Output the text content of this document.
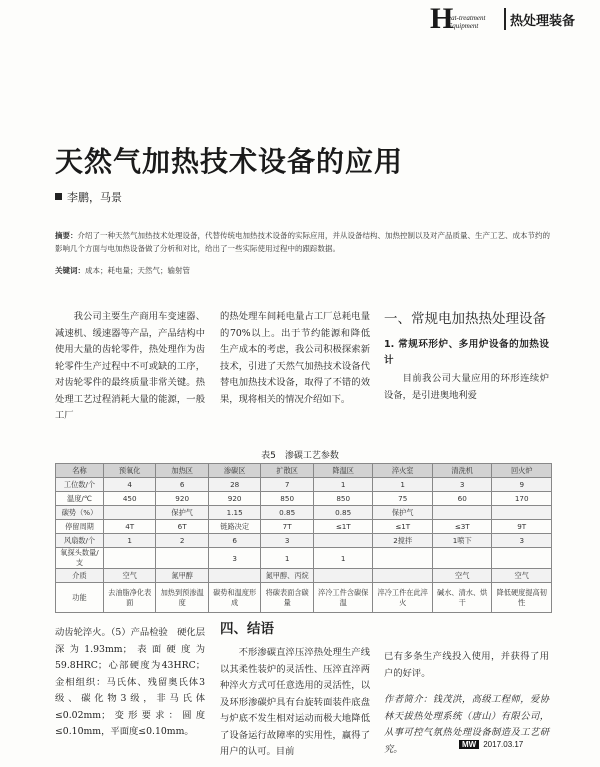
H
eat-treatment
Equipment 热处理装备
天然气加热技术设备的应用
李鹏，马景
摘要：介绍了一种天然气加热技术处理设备，代替传统电加热技术设备的实际应用，并从设备结构、加热控制以及对产品质量、生产工艺、成本节约的影响几个方面与电加热设备做了分析和对比，给出了一些实际使用过程中的跟踪数据。
关键词：成本；耗电量；天然气；输射管
我公司主要生产商用车变速器、减速机、缓速器等产品，产品结构中使用大量的齿轮零件，热处理作为齿轮零件生产过程中不可或缺的工序，对齿轮零件的最终质量非常关键。热处理工艺过程消耗大量的能源，一般工厂
的热处理车间耗电量占工厂总耗电量的70%以上。出于节约能源和降低生产成本的考虑，我公司积极探索新技术，引进了天然气加热技术设备代替电加热技术设备，取得了不错的效果，现将相关的情况介绍如下。
一、常规电加热热处理设备
1. 常规环形炉、多用炉设备的加热设计
目前我公司大量应用的环形连续炉设备，是引进奥地利爱
表5　渗碳工艺参数
名称	预氧化	加热区	渗碳区	扩散区	降温区	淬火室	清洗机	回火炉
工位数/个	4	6	28	7	1	1	3	9
温度/℃	450	920	920	850	850	75	60	170
碳势（%）		保护气	1.15	0.85	0.85	保护气		
停留周期	4T	6T	链路决定	7T	≤1T	≤1T	≤3T	9T
风扇数/个	1	2	6	3		2搅拌	1喷下	3
氧探头数量/支			3	1	1			
介质	空气	氮甲醇		氮甲醇、丙烷			空气	空气
功能	去油脂净化表面	加热到预渗温度	碳势和温度形成	将碳表面含碳量	淬冷工件含碳保温	淬冷工件在此淬火	碱水、清水、烘干	降低硬度提高韧性
动齿轮淬火。（5）产品检验　硬化层深为1.93mm；表面硬度为59.8HRC；心部硬度为43HRC；金相组织：马氏体、残留奥氏体3级、碳化物3级，非马氏体≤0.02mm；变形要求：圆度≤0.10mm，平面度≤0.10mm。
四、结语
不形渗碳直淬压淬热处理生产线以其柔性装炉的灵活性、压淬直淬两种淬火方式可任意选用的灵活性，以及环形渗碳炉具有台旋转面装件底盘与炉底不发生相对运动而极大地降低了设备运行故障率的实用性，赢得了用户的认可。目前
已有多条生产线投入使用，并获得了用户的好评。
作者简介：钱茂洪，高级工程师，爱协林天拔热处理系统（唐山）有限公司，从事可控气氛热处理设备制造及工艺研究。	MW 2017.03.17
